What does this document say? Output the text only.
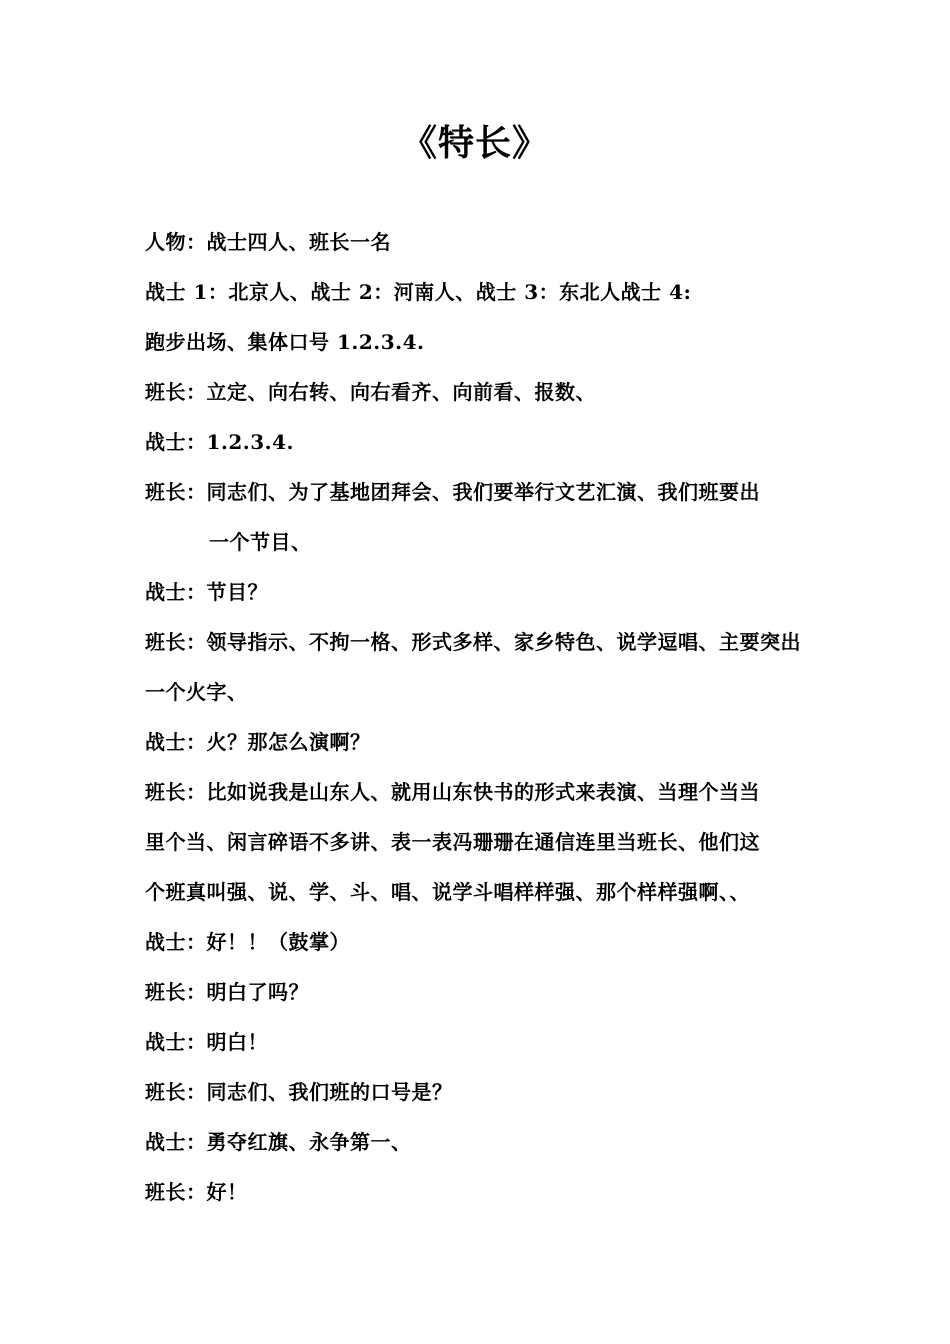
《特长》
人物：战士四人、班长一名
战士 1：北京人、战士 2：河南人、战士 3：东北人战士 4:
跑步出场、集体口号 1.2.3.4.
班长：立定、向右转、向右看齐、向前看、报数、
战士：1.2.3.4.
班长：同志们、为了基地团拜会、我们要举行文艺汇演、我们班要出
一个节目、
战士：节目？
班长：领导指示、不拘一格、形式多样、家乡特色、说学逗唱、主要突出
一个火字、
战士：火？那怎么演啊？
班长：比如说我是山东人、就用山东快书的形式来表演、当理个当当
里个当、闲言碎语不多讲、表一表冯珊珊在通信连里当班长、他们这
个班真叫强、说、学、斗、唱、说学斗唱样样强、那个样样强啊、、
战士：好！！（鼓掌）
班长：明白了吗？
战士：明白！
班长：同志们、我们班的口号是？
战士：勇夺红旗、永争第一、
班长：好！
